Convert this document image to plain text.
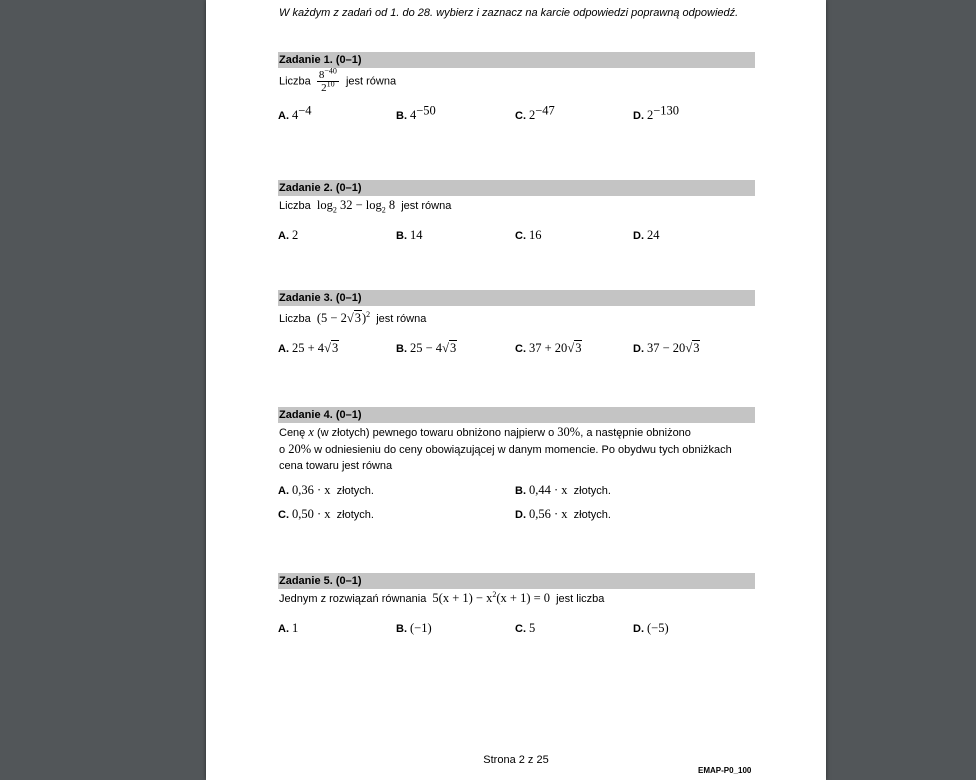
W każdym z zadań od 1. do 28. wybierz i zaznacz na karcie odpowiedzi poprawną odpowiedź.
Zadanie 1. (0–1)
Liczba $\frac{8^{-40}}{2^{10}}$ jest równa
A. $4^{-4}$	B. $4^{-50}$	C. $2^{-47}$	D. $2^{-130}$
Zadanie 2. (0–1)
Liczba $\log_2 32 - \log_2 8$ jest równa
A. 2	B. 14	C. 16	D. 24
Zadanie 3. (0–1)
Liczba $(5 - 2√3)^2$ jest równa
A. 25 + 4√3	B. 25 − 4√3	C. 37 + 20√3	D. 37 − 20√3
Zadanie 4. (0–1)
Cenę x (w złotych) pewnego towaru obniżono najpierw o 30%, a następnie obniżono
o 20% w odniesieniu do ceny obowiązującej w danym momencie. Po obydwu tych obniżkach
cena towaru jest równa
A. 0,36 · x złotych.	B. 0,44 · x złotych.
C. 0,50 · x złotych.	D. 0,56 · x złotych.
Zadanie 5. (0–1)
Jednym z rozwiązań równania $5(x + 1) - x^2(x + 1) = 0$ jest liczba
A. 1	B. (−1)	C. 5	D. (−5)
Strona 2 z 25
EMAP-P0_100
